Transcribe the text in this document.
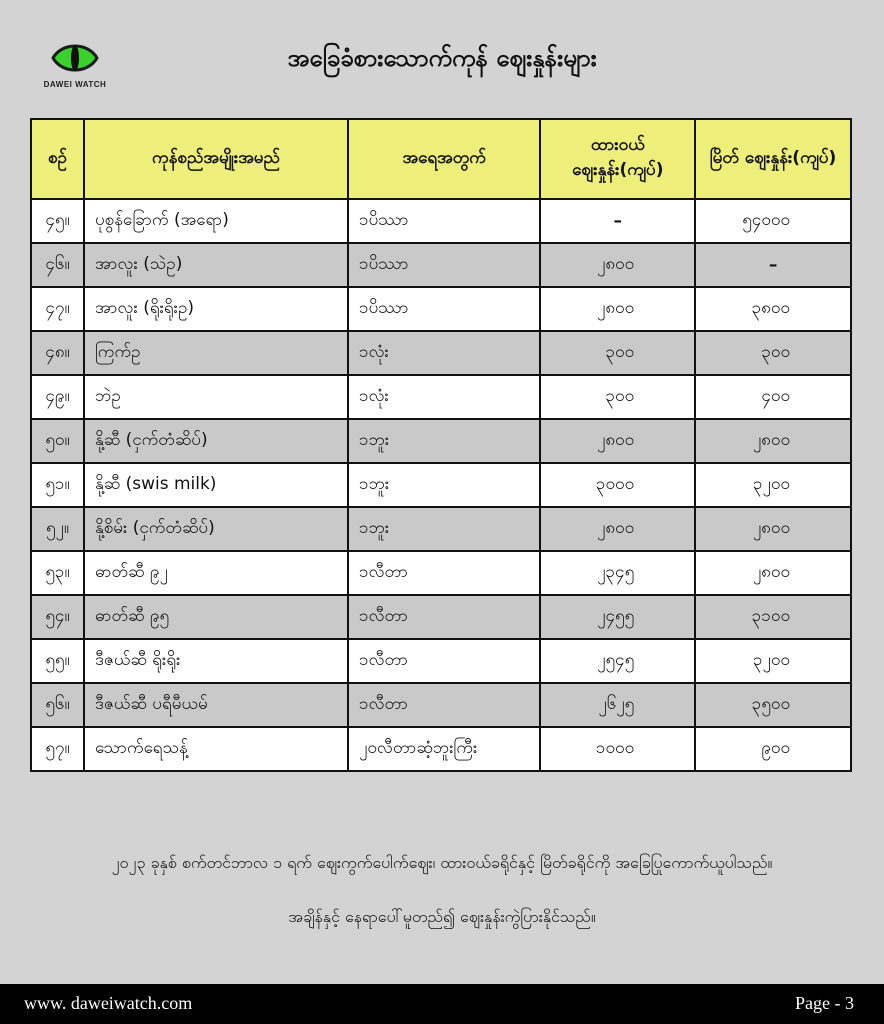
DAWEI WATCH
အခြေခံစားသောက်ကုန် ဈေးနှုန်းများ
စဉ်	ကုန်စည်အမျိုးအမည်	အရေအတွက်	ထားဝယ် ဈေးနှုန်း(ကျပ်)	မြိတ် ဈေးနှုန်း(ကျပ်)
၄၅။	ပုစွန်ခြောက် (အရော)	၁ပိဿာ	–	၅၄၀၀၀
၄၆။	အာလူး (သဲဥ)	၁ပိဿာ	၂၈၀၀	–
၄၇။	အာလူး (ရိုးရိုးဥ)	၁ပိဿာ	၂၈၀၀	၃၈၀၀
၄၈။	ကြက်ဥ	၁လုံး	၃၀၀	၃၀၀
၄၉။	ဘဲဥ	၁လုံး	၃၀၀	၄၀၀
၅၀။	နို့ဆီ (ငှက်တံဆိပ်)	၁ဘူး	၂၈၀၀	၂၈၀၀
၅၁။	နို့ဆီ (swis milk)	၁ဘူး	၃၀၀၀	၃၂၀၀
၅၂။	နို့စိမ်း (ငှက်တံဆိပ်)	၁ဘူး	၂၈၀၀	၂၈၀၀
၅၃။	ဓာတ်ဆီ ၉၂	၁လီတာ	၂၃၄၅	၂၈၀၀
၅၄။	ဓာတ်ဆီ ၉၅	၁လီတာ	၂၄၅၅	၃၁၀၀
၅၅။	ဒီဇယ်ဆီ ရိုးရိုး	၁လီတာ	၂၅၄၅	၃၂၀၀
၅၆။	ဒီဇယ်ဆီ ပရီမီယမ်	၁လီတာ	၂၆၂၅	၃၅၀၀
၅၇။	သောက်ရေသန့်	၂၀လီတာဆံ့ဘူးကြီး	၁၀၀၀	၉၀၀
၂၀၂၃ ခုနှစ် စက်တင်ဘာလ ၁ ရက် ဈေးကွက်ပေါက်ဈေး၊ ထားဝယ်ခရိုင်နှင့် မြိတ်ခရိုင်ကို အခြေပြုကောက်ယူပါသည်။
အချိန်နှင့် နေရာပေါ်မူတည်၍ ဈေးနှုန်းကွဲပြားနိုင်သည်။
www. daweiwatch.com	Page - 3
